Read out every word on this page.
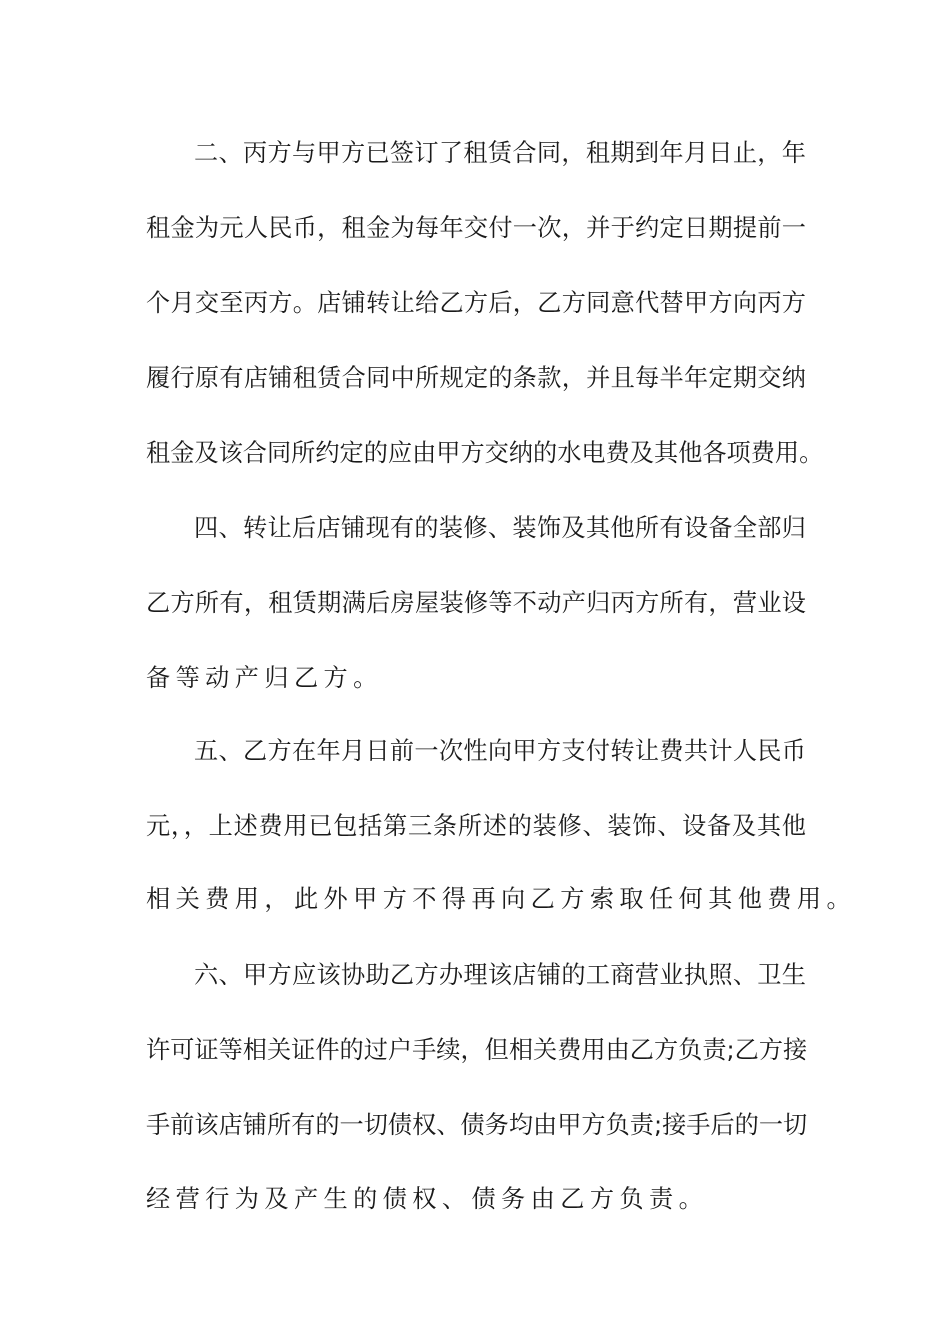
二、丙方与甲方已签订了租赁合同，租期到年月日止，年
租金为元人民币，租金为每年交付一次，并于约定日期提前一
个月交至丙方。店铺转让给乙方后，乙方同意代替甲方向丙方
履行原有店铺租赁合同中所规定的条款，并且每半年定期交纳
租金及该合同所约定的应由甲方交纳的水电费及其他各项费用。
四、转让后店铺现有的装修、装饰及其他所有设备全部归
乙方所有，租赁期满后房屋装修等不动产归丙方所有，营业设
备等动产归乙方。
五、乙方在年月日前一次性向甲方支付转让费共计人民币
元，，上述费用已包括第三条所述的装修、装饰、设备及其他
相关费用，此外甲方不得再向乙方索取任何其他费用。
六、甲方应该协助乙方办理该店铺的工商营业执照、卫生
许可证等相关证件的过户手续，但相关费用由乙方负责;乙方接
手前该店铺所有的一切债权、债务均由甲方负责;接手后的一切
经营行为及产生的债权、债务由乙方负责。
